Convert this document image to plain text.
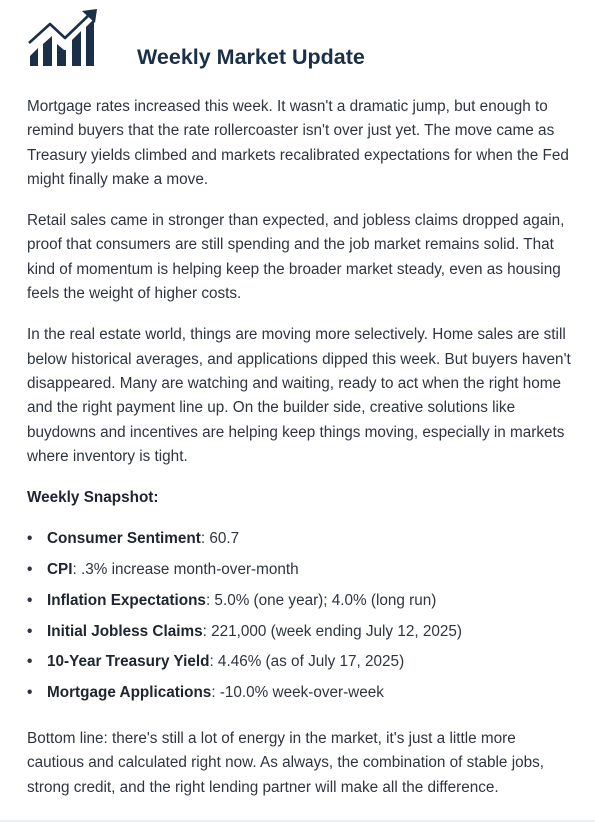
Weekly Market Update

Mortgage rates increased this week. It wasn't a dramatic jump, but enough to remind buyers that the rate rollercoaster isn't over just yet. The move came as Treasury yields climbed and markets recalibrated expectations for when the Fed might finally make a move.

Retail sales came in stronger than expected, and jobless claims dropped again, proof that consumers are still spending and the job market remains solid. That kind of momentum is helping keep the broader market steady, even as housing feels the weight of higher costs.

In the real estate world, things are moving more selectively. Home sales are still below historical averages, and applications dipped this week. But buyers haven't disappeared. Many are watching and waiting, ready to act when the right home and the right payment line up. On the builder side, creative solutions like buydowns and incentives are helping keep things moving, especially in markets where inventory is tight.

Weekly Snapshot:
• Consumer Sentiment: 60.7
• CPI: .3% increase month-over-month
• Inflation Expectations: 5.0% (one year); 4.0% (long run)
• Initial Jobless Claims: 221,000 (week ending July 12, 2025)
• 10-Year Treasury Yield: 4.46% (as of July 17, 2025)
• Mortgage Applications: -10.0% week-over-week

Bottom line: there's still a lot of energy in the market, it's just a little more cautious and calculated right now. As always, the combination of stable jobs, strong credit, and the right lending partner will make all the difference.
